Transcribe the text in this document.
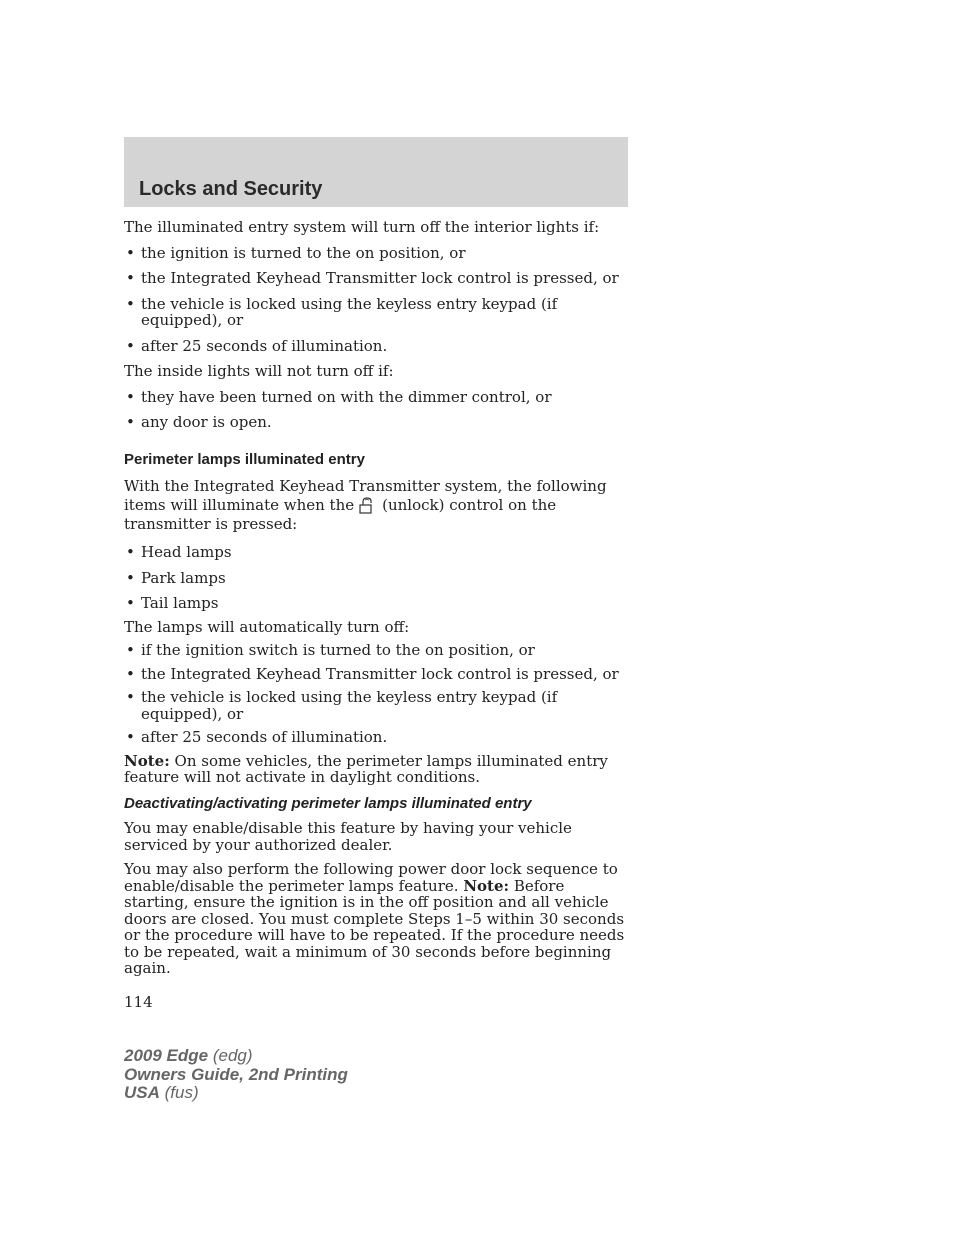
Locks and Security

The illuminated entry system will turn off the interior lights if:

• the ignition is turned to the on position, or
• the Integrated Keyhead Transmitter lock control is pressed, or
• the vehicle is locked using the keyless entry keypad (if equipped), or
• after 25 seconds of illumination.

The inside lights will not turn off if:

• they have been turned on with the dimmer control, or
• any door is open.
Perimeter lamps illuminated entry

With the Integrated Keyhead Transmitter system, the following items will illuminate when the (unlock) control on the transmitter is pressed:

• Head lamps
• Park lamps
• Tail lamps

The lamps will automatically turn off:

• if the ignition switch is turned to the on position, or
• the Integrated Keyhead Transmitter lock control is pressed, or
• the vehicle is locked using the keyless entry keypad (if equipped), or
• after 25 seconds of illumination.

Note: On some vehicles, the perimeter lamps illuminated entry feature will not activate in daylight conditions.

Deactivating/activating perimeter lamps illuminated entry

You may enable/disable this feature by having your vehicle serviced by your authorized dealer.

You may also perform the following power door lock sequence to enable/disable the perimeter lamps feature. Note: Before starting, ensure the ignition is in the off position and all vehicle doors are closed. You must complete Steps 1–5 within 30 seconds or the procedure will have to be repeated. If the procedure needs to be repeated, wait a minimum of 30 seconds before beginning again.

114
2009 Edge (edg)
Owners Guide, 2nd Printing
USA (fus)
